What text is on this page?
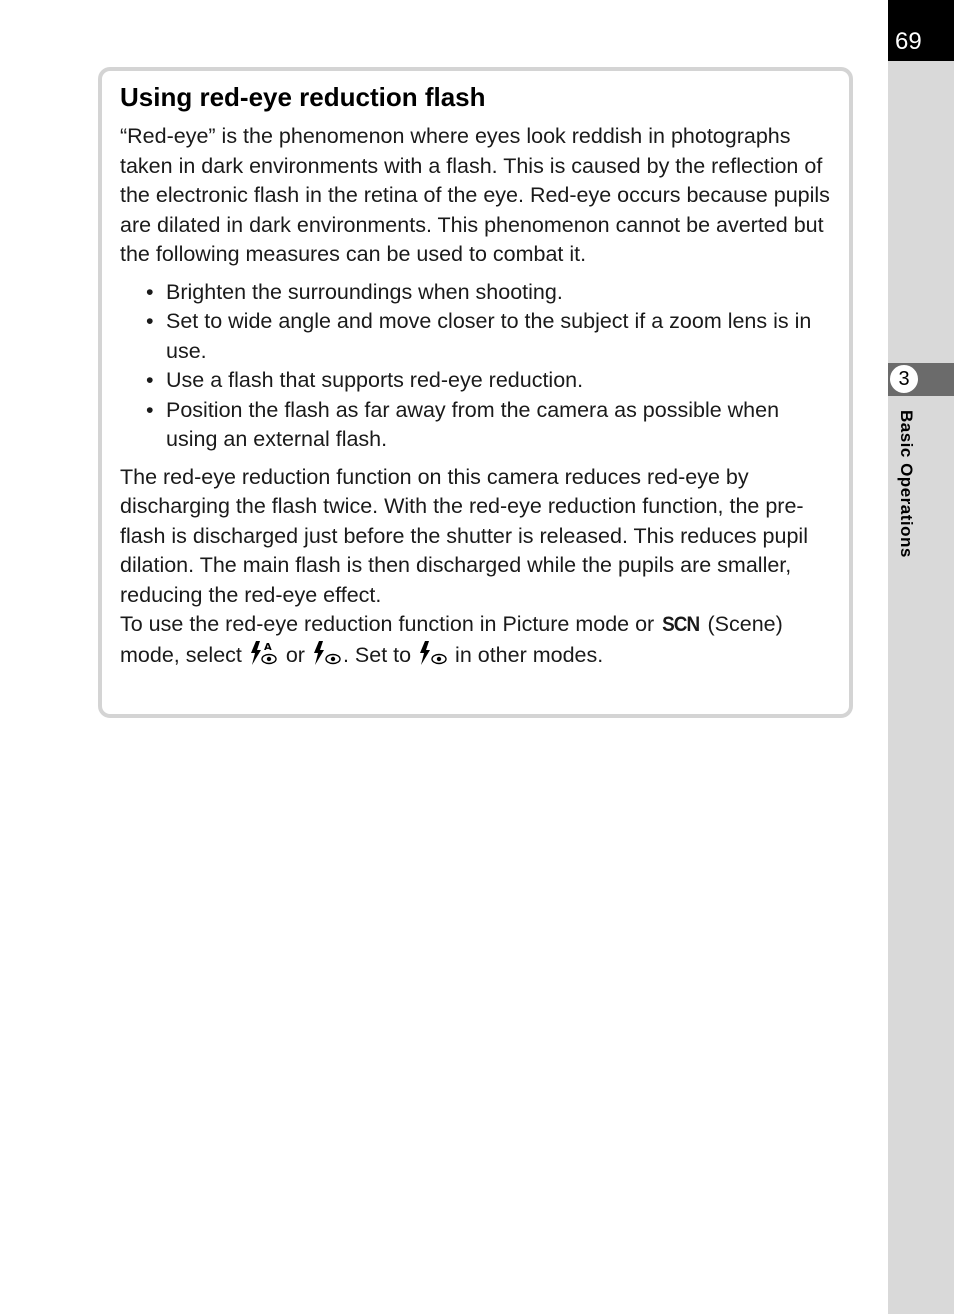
69
3
Basic Operations
Using red-eye reduction flash

“Red-eye” is the phenomenon where eyes look reddish in photographs taken in dark environments with a flash. This is caused by the reflection of the electronic flash in the retina of the eye. Red-eye occurs because pupils are dilated in dark environments. This phenomenon cannot be averted but the following measures can be used to combat it.

• Brighten the surroundings when shooting.
• Set to wide angle and move closer to the subject if a zoom lens is in use.
• Use a flash that supports red-eye reduction.
• Position the flash as far away from the camera as possible when using an external flash.

The red-eye reduction function on this camera reduces red-eye by discharging the flash twice. With the red-eye reduction function, the pre-flash is discharged just before the shutter is released. This reduces pupil dilation. The main flash is then discharged while the pupils are smaller, reducing the red-eye effect.

To use the red-eye reduction function in Picture mode or SCN (Scene) mode, select A or . Set to  in other modes.
